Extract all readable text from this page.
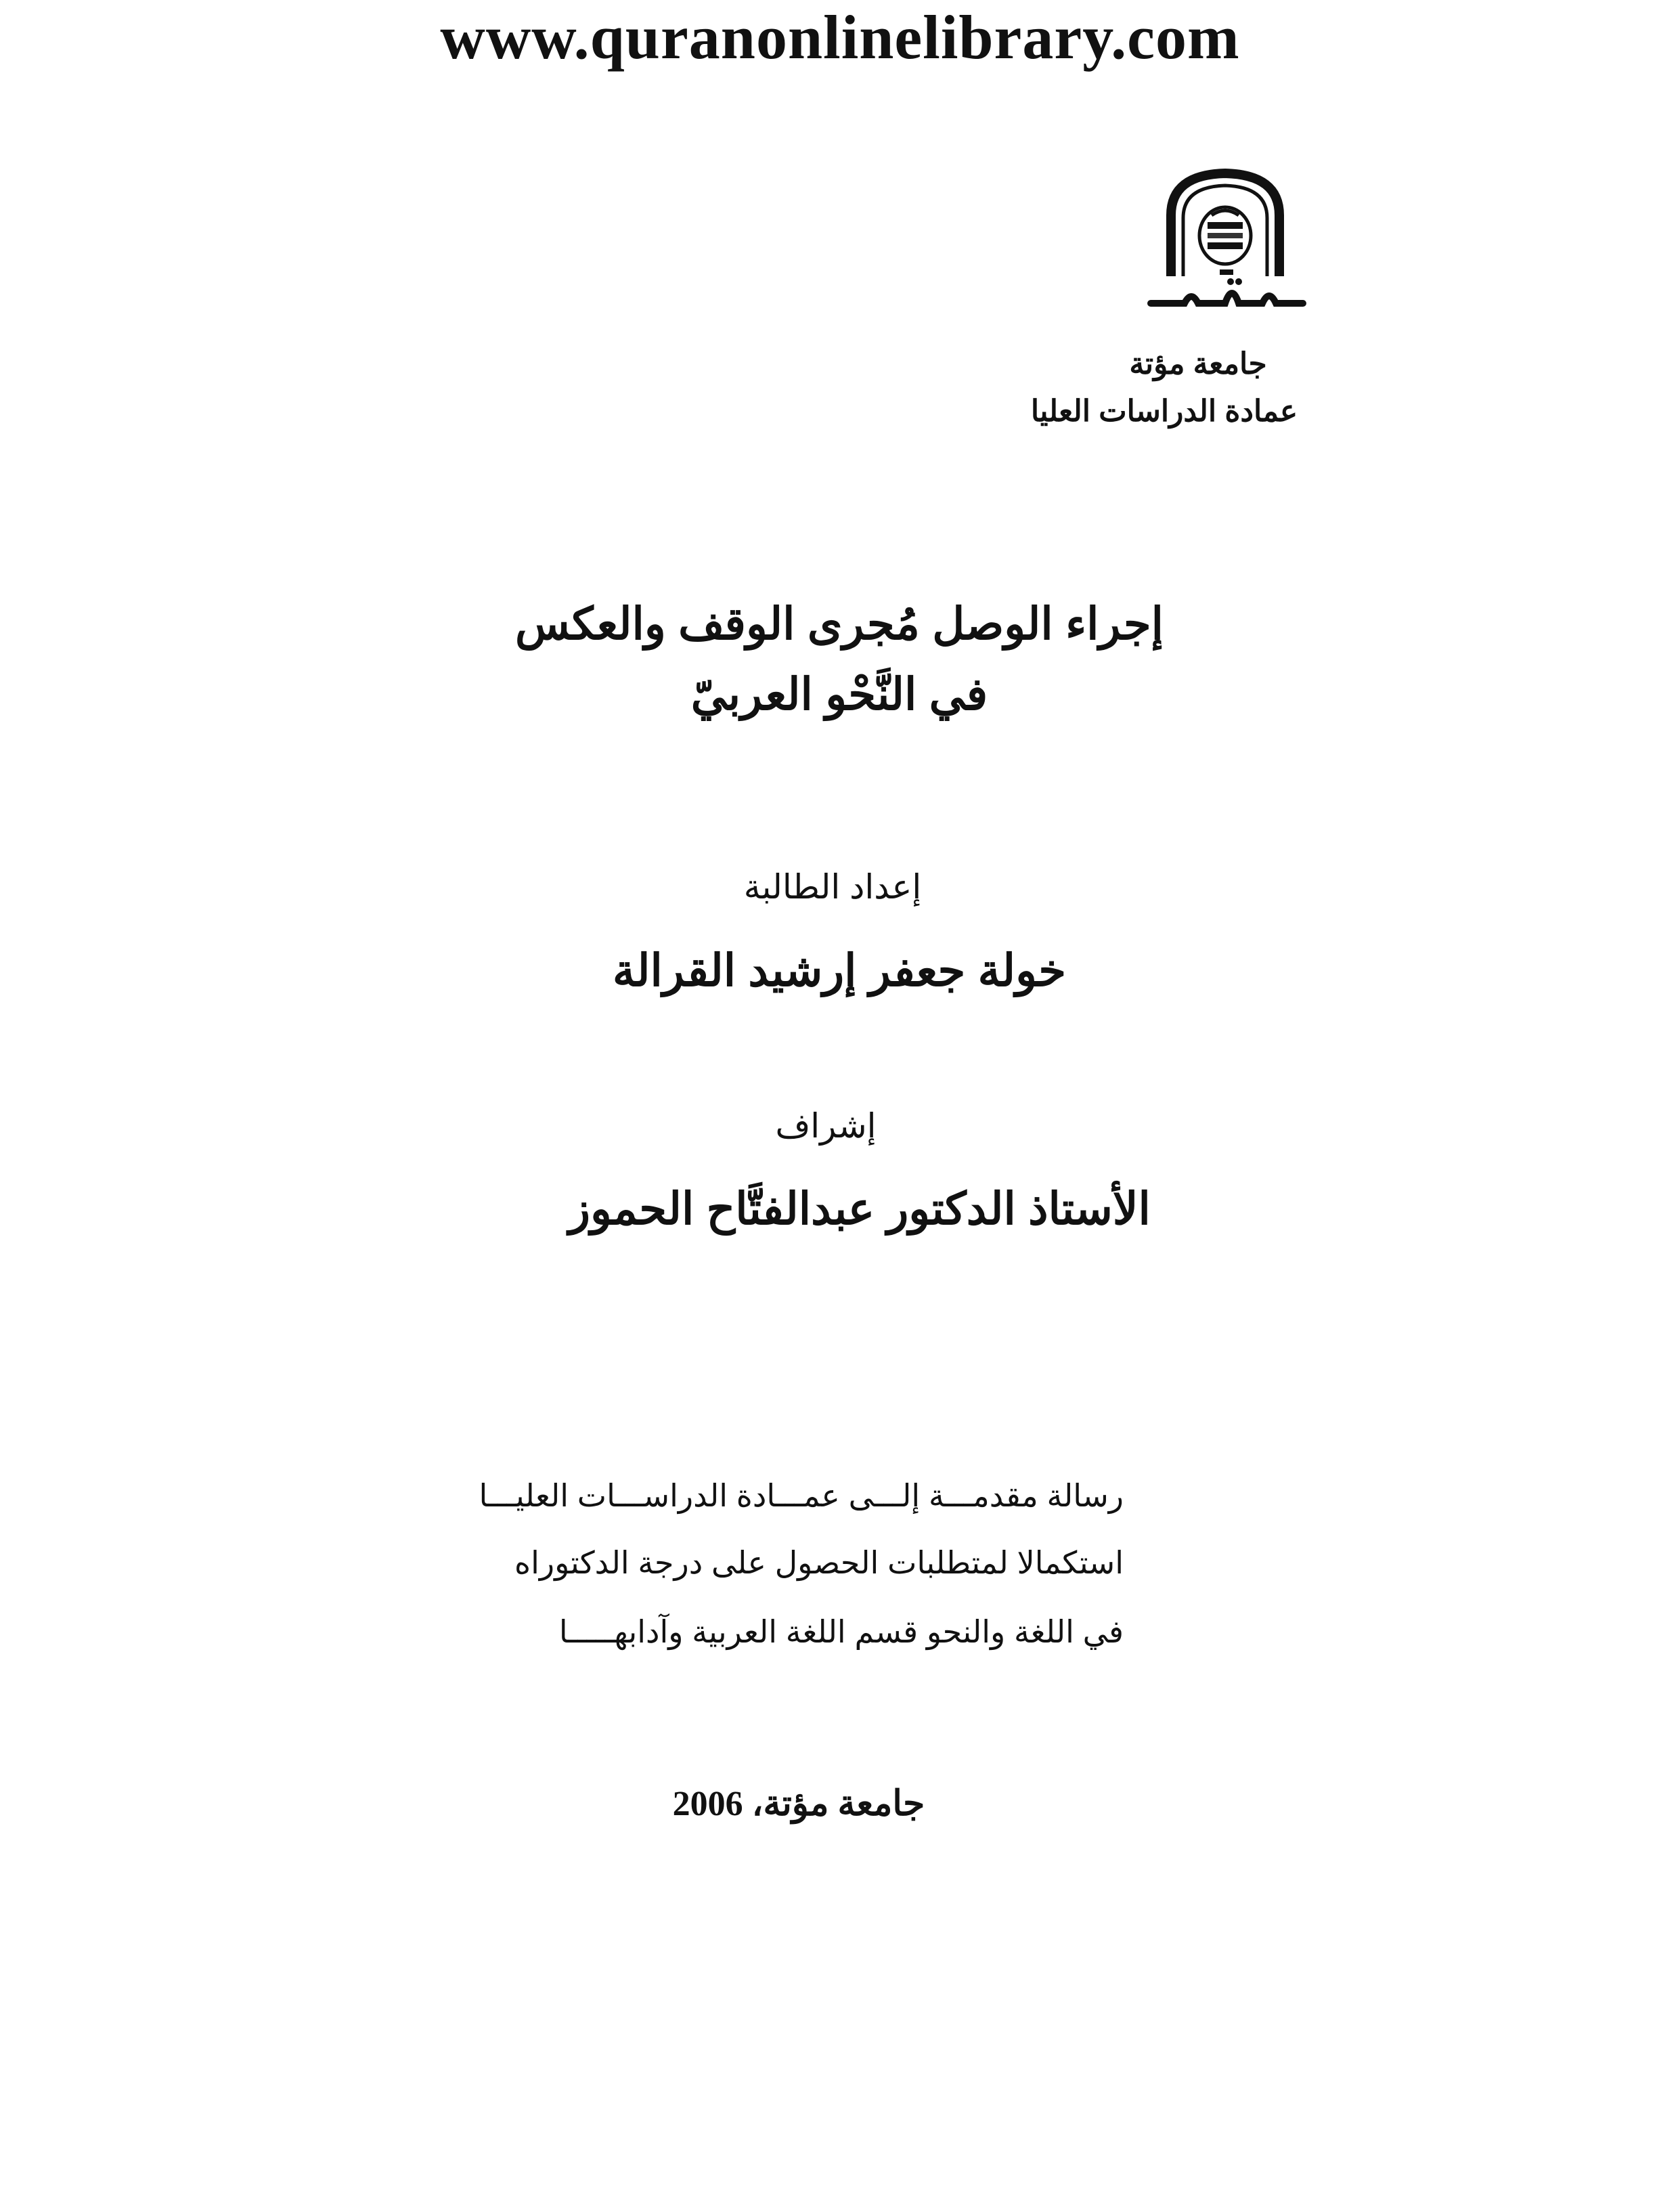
www.quranonlinelibrary.com
جامعة مؤتة
عمادة الدراسات العليا
إجراء الوصل مُجرى الوقف والعكس
في النَّحْو العربيّ
إعداد الطالبة
خولة جعفر إرشيد القرالة
إشراف
الأستاذ الدكتور عبدالفتَّاح الحموز
رسالة مقدمـــة إلـــى عمـــادة الدراســـات العليـــا
استكمالا لمتطلبات الحصول على درجة الدكتوراه
في اللغة والنحو قسم اللغة العربية وآدابهـــــا
جامعة مؤتة، 2006
